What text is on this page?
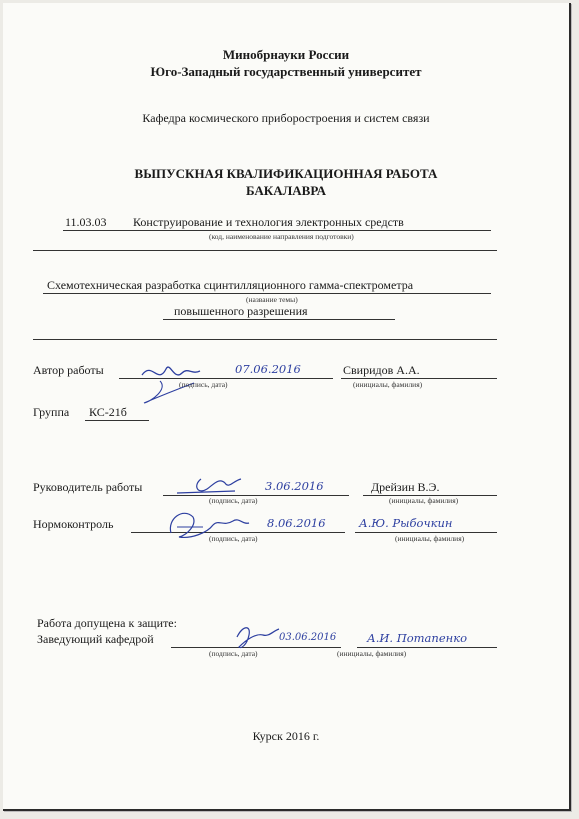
Минобрнауки России
Юго-Западный государственный университет
Кафедра космического приборостроения и систем связи
ВЫПУСКНАЯ КВАЛИФИКАЦИОННАЯ РАБОТА
БАКАЛАВРА
11.03.03 Конструирование и технология электронных средств
(код, наименование направления подготовки)
Схемотехническая разработка сцинтилляционного гамма-спектрометра
(название темы)
повышенного разрешения
Автор работы	07.06.2016	Свиридов А.А.
(подпись, дата)	(инициалы, фамилия)
Группа КС-21б
Руководитель работы	3.06.2016	Дрейзин В.Э.
(подпись, дата)	(инициалы, фамилия)
Нормоконтроль	8.06.2016	А.Ю. Рыбочкин
(подпись, дата)	(инициалы, фамилия)
Работа допущена к защите:
Заведующий кафедрой	03.06.2016	А.И. Потапенко
(подпись, дата)	(инициалы, фамилия)
Курск 2016 г.
